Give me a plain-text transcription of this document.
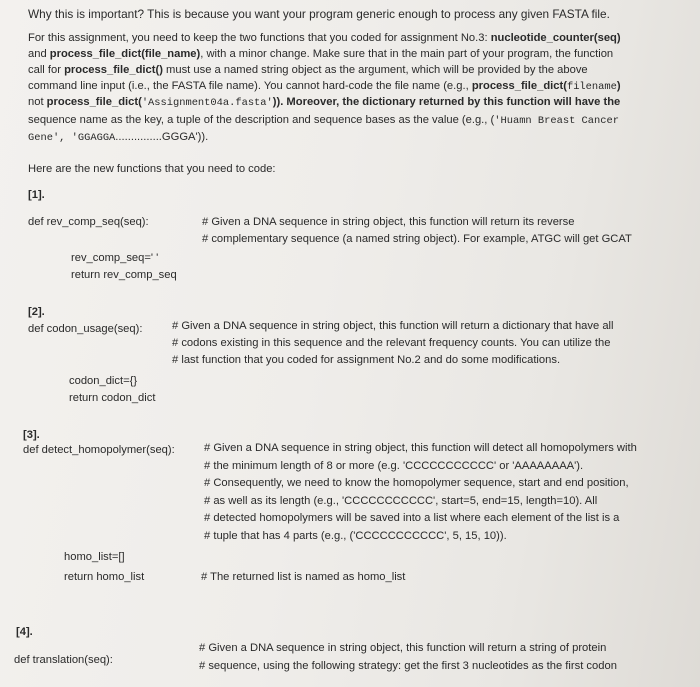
Why this is important? This is because you want your program generic enough to process any given FASTA file.
For this assignment, you need to keep the two functions that you coded for assignment No.3: nucleotide_counter(seq)
and process_file_dict(file_name), with a minor change. Make sure that in the main part of your program, the function
call for process_file_dict() must use a named string object as the argument, which will be provided by the above
command line input (i.e., the FASTA file name). You cannot hard-code the file name (e.g., process_file_dict(filename)
not process_file_dict('Assignment04a.fasta')). Moreover, the dictionary returned by this function will have the
sequence name as the key, a tuple of the description and sequence bases as the value (e.g., ('Huamn Breast Cancer
Gene', 'GGAGGA...............GGGA')).
Here are the new functions that you need to code:
[1].
def rev_comp_seq(seq):	# Given a DNA sequence in string object, this function will return its reverse
# complementary sequence (a named string object). For example, ATGC will get GCAT
rev_comp_seq=' '
return rev_comp_seq
[2].
def codon_usage(seq):	# Given a DNA sequence in string object, this function will return a dictionary that have all
# codons existing in this sequence and the relevant frequency counts. You can utilize the
# last function that you coded for assignment No.2 and do some modifications.
codon_dict={}
return codon_dict
[3].
def detect_homopolymer(seq):	# Given a DNA sequence in string object, this function will detect all homopolymers with
# the minimum length of 8 or more (e.g. 'CCCCCCCCCCC' or 'AAAAAAAA').
# Consequently, we need to know the homopolymer sequence, start and end position,
# as well as its length (e.g., 'CCCCCCCCCCC', start=5, end=15, length=10). All
# detected homopolymers will be saved into a list where each element of the list is a
# tuple that has 4 parts (e.g., ('CCCCCCCCCCC', 5, 15, 10)).
homo_list=[]
return homo_list	# The returned list is named as homo_list
[4].
def translation(seq):
# Given a DNA sequence in string object, this function will return a string of protein
# sequence, using the following strategy: get the first 3 nucleotides as the first codon
